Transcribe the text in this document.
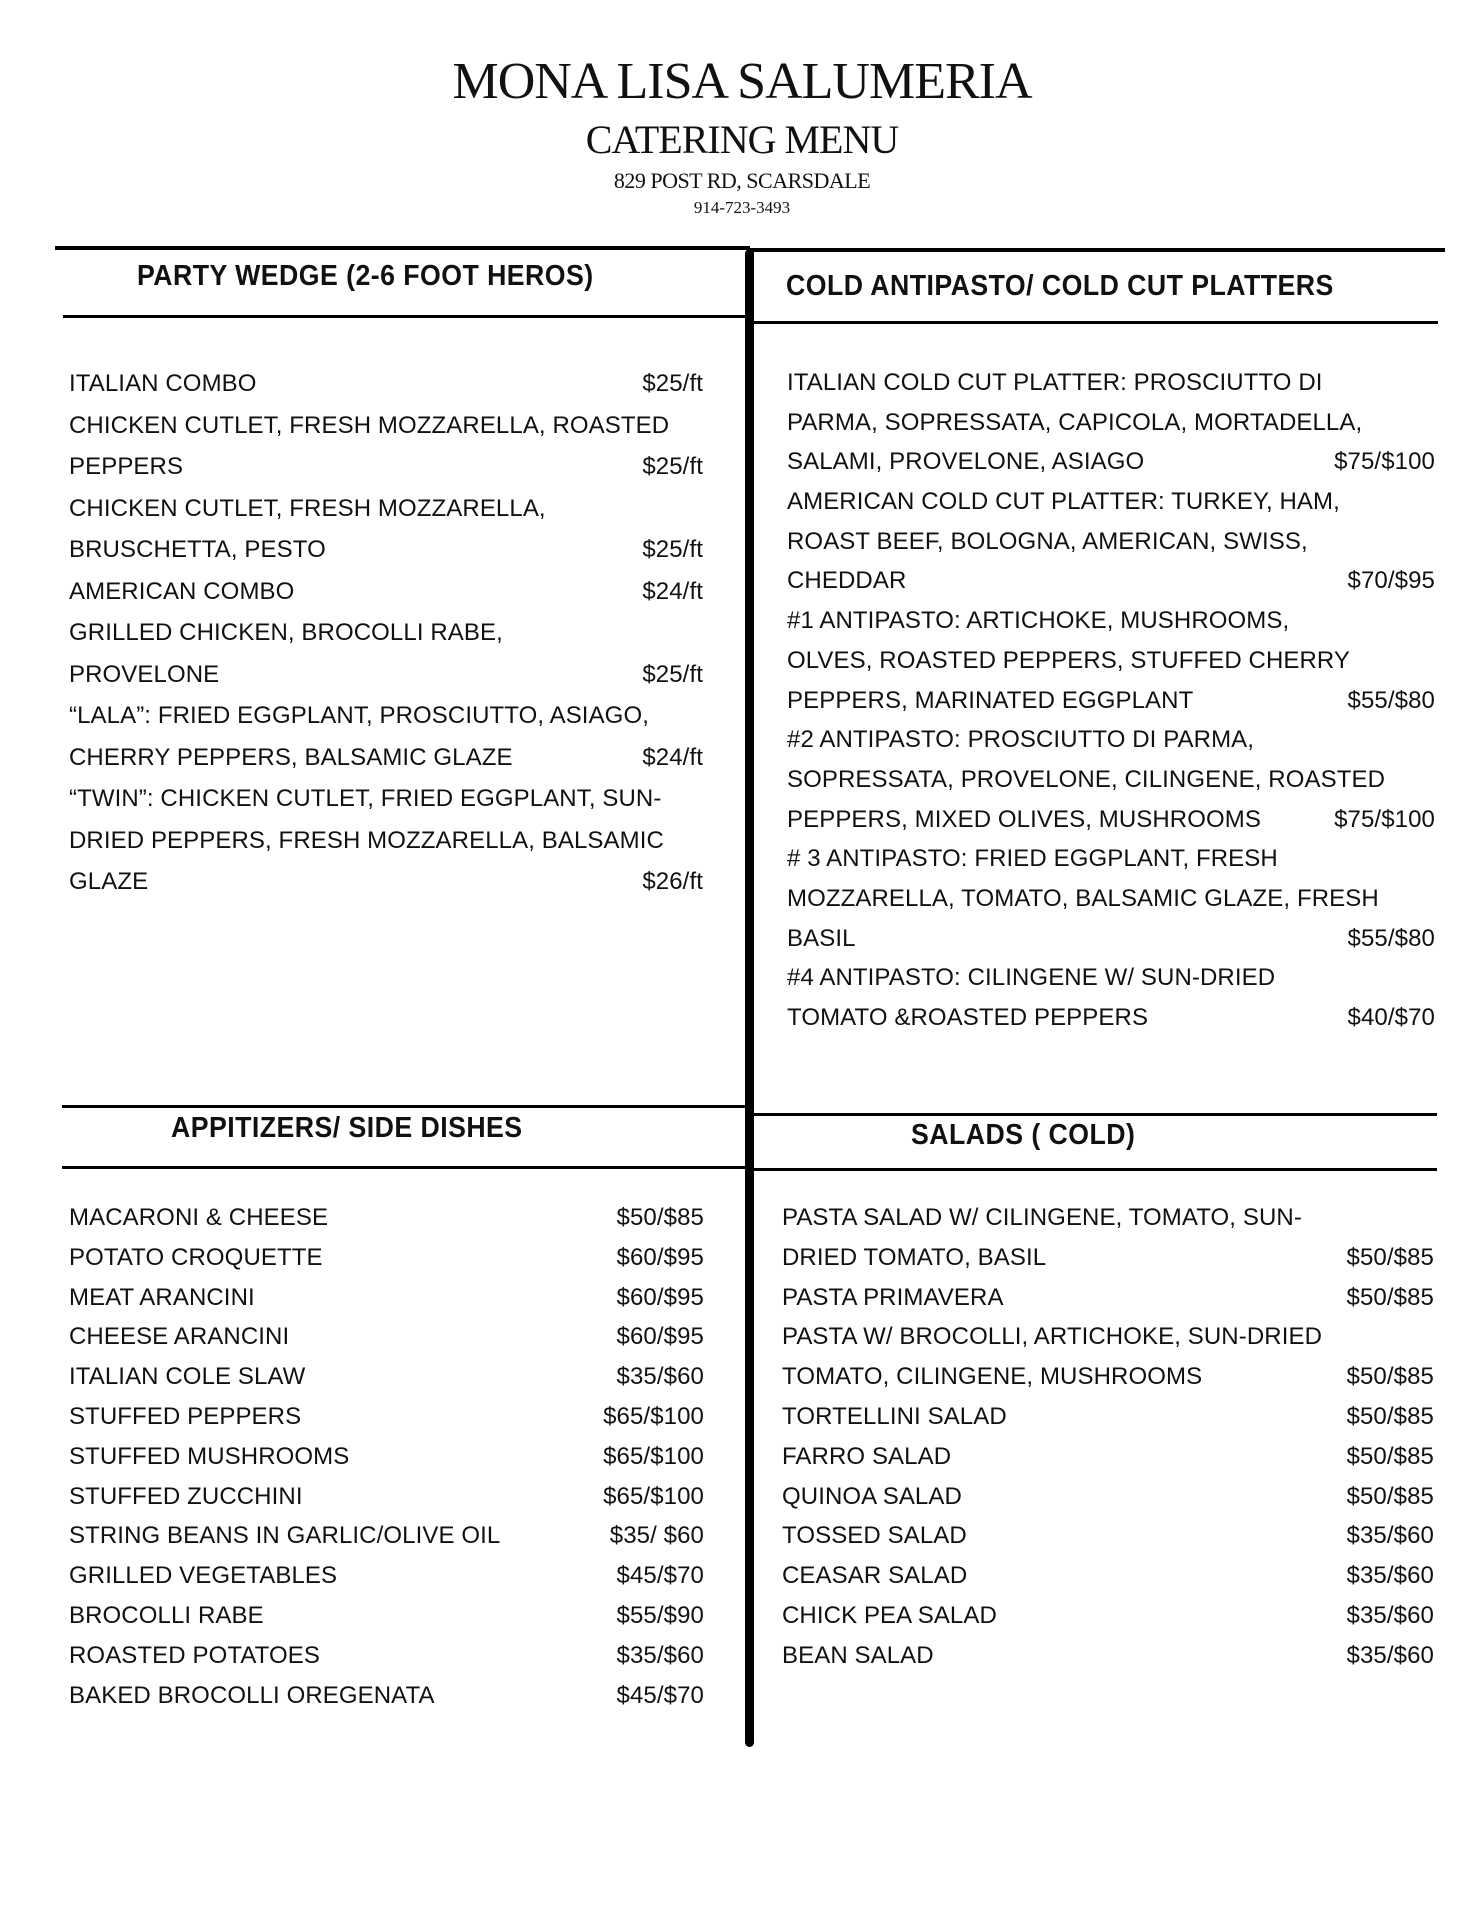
MONA LISA SALUMERIA
CATERING MENU
829 POST RD, SCARSDALE
914-723-3493
PARTY WEDGE (2-6 FOOT HEROS)
ITALIAN COMBO	$25/ft
CHICKEN CUTLET, FRESH MOZZARELLA, ROASTED
PEPPERS	$25/ft
CHICKEN CUTLET, FRESH MOZZARELLA,
BRUSCHETTA, PESTO	$25/ft
AMERICAN COMBO	$24/ft
GRILLED CHICKEN, BROCOLLI RABE,
PROVELONE	$25/ft
“LALA”: FRIED EGGPLANT, PROSCIUTTO, ASIAGO,
CHERRY PEPPERS, BALSAMIC GLAZE	$24/ft
“TWIN”: CHICKEN CUTLET, FRIED EGGPLANT, SUN-
DRIED PEPPERS, FRESH MOZZARELLA, BALSAMIC
GLAZE	$26/ft
COLD ANTIPASTO/ COLD CUT PLATTERS
ITALIAN COLD CUT PLATTER: PROSCIUTTO DI
PARMA, SOPRESSATA, CAPICOLA, MORTADELLA,
SALAMI, PROVELONE, ASIAGO	$75/$100
AMERICAN COLD CUT PLATTER: TURKEY, HAM,
ROAST BEEF, BOLOGNA, AMERICAN, SWISS,
CHEDDAR	$70/$95
#1 ANTIPASTO: ARTICHOKE, MUSHROOMS,
OLVES, ROASTED PEPPERS, STUFFED CHERRY
PEPPERS, MARINATED EGGPLANT	$55/$80
#2 ANTIPASTO: PROSCIUTTO DI PARMA,
SOPRESSATA, PROVELONE, CILINGENE, ROASTED
PEPPERS, MIXED OLIVES, MUSHROOMS	$75/$100
# 3 ANTIPASTO: FRIED EGGPLANT, FRESH
MOZZARELLA, TOMATO, BALSAMIC GLAZE, FRESH
BASIL	$55/$80
#4 ANTIPASTO: CILINGENE W/ SUN-DRIED
TOMATO &ROASTED PEPPERS	$40/$70
APPITIZERS/ SIDE DISHES
MACARONI & CHEESE	$50/$85
POTATO CROQUETTE	$60/$95
MEAT ARANCINI	$60/$95
CHEESE ARANCINI	$60/$95
ITALIAN COLE SLAW	$35/$60
STUFFED PEPPERS	$65/$100
STUFFED MUSHROOMS	$65/$100
STUFFED ZUCCHINI	$65/$100
STRING BEANS IN GARLIC/OLIVE OIL	$35/ $60
GRILLED VEGETABLES	$45/$70
BROCOLLI RABE	$55/$90
ROASTED POTATOES	$35/$60
BAKED BROCOLLI OREGENATA	$45/$70
SALADS ( COLD)
PASTA SALAD W/ CILINGENE, TOMATO, SUN-
DRIED TOMATO, BASIL	$50/$85
PASTA PRIMAVERA	$50/$85
PASTA W/ BROCOLLI, ARTICHOKE, SUN-DRIED
TOMATO, CILINGENE, MUSHROOMS	$50/$85
TORTELLINI SALAD	$50/$85
FARRO SALAD	$50/$85
QUINOA SALAD	$50/$85
TOSSED SALAD	$35/$60
CEASAR SALAD	$35/$60
CHICK PEA SALAD	$35/$60
BEAN SALAD	$35/$60
